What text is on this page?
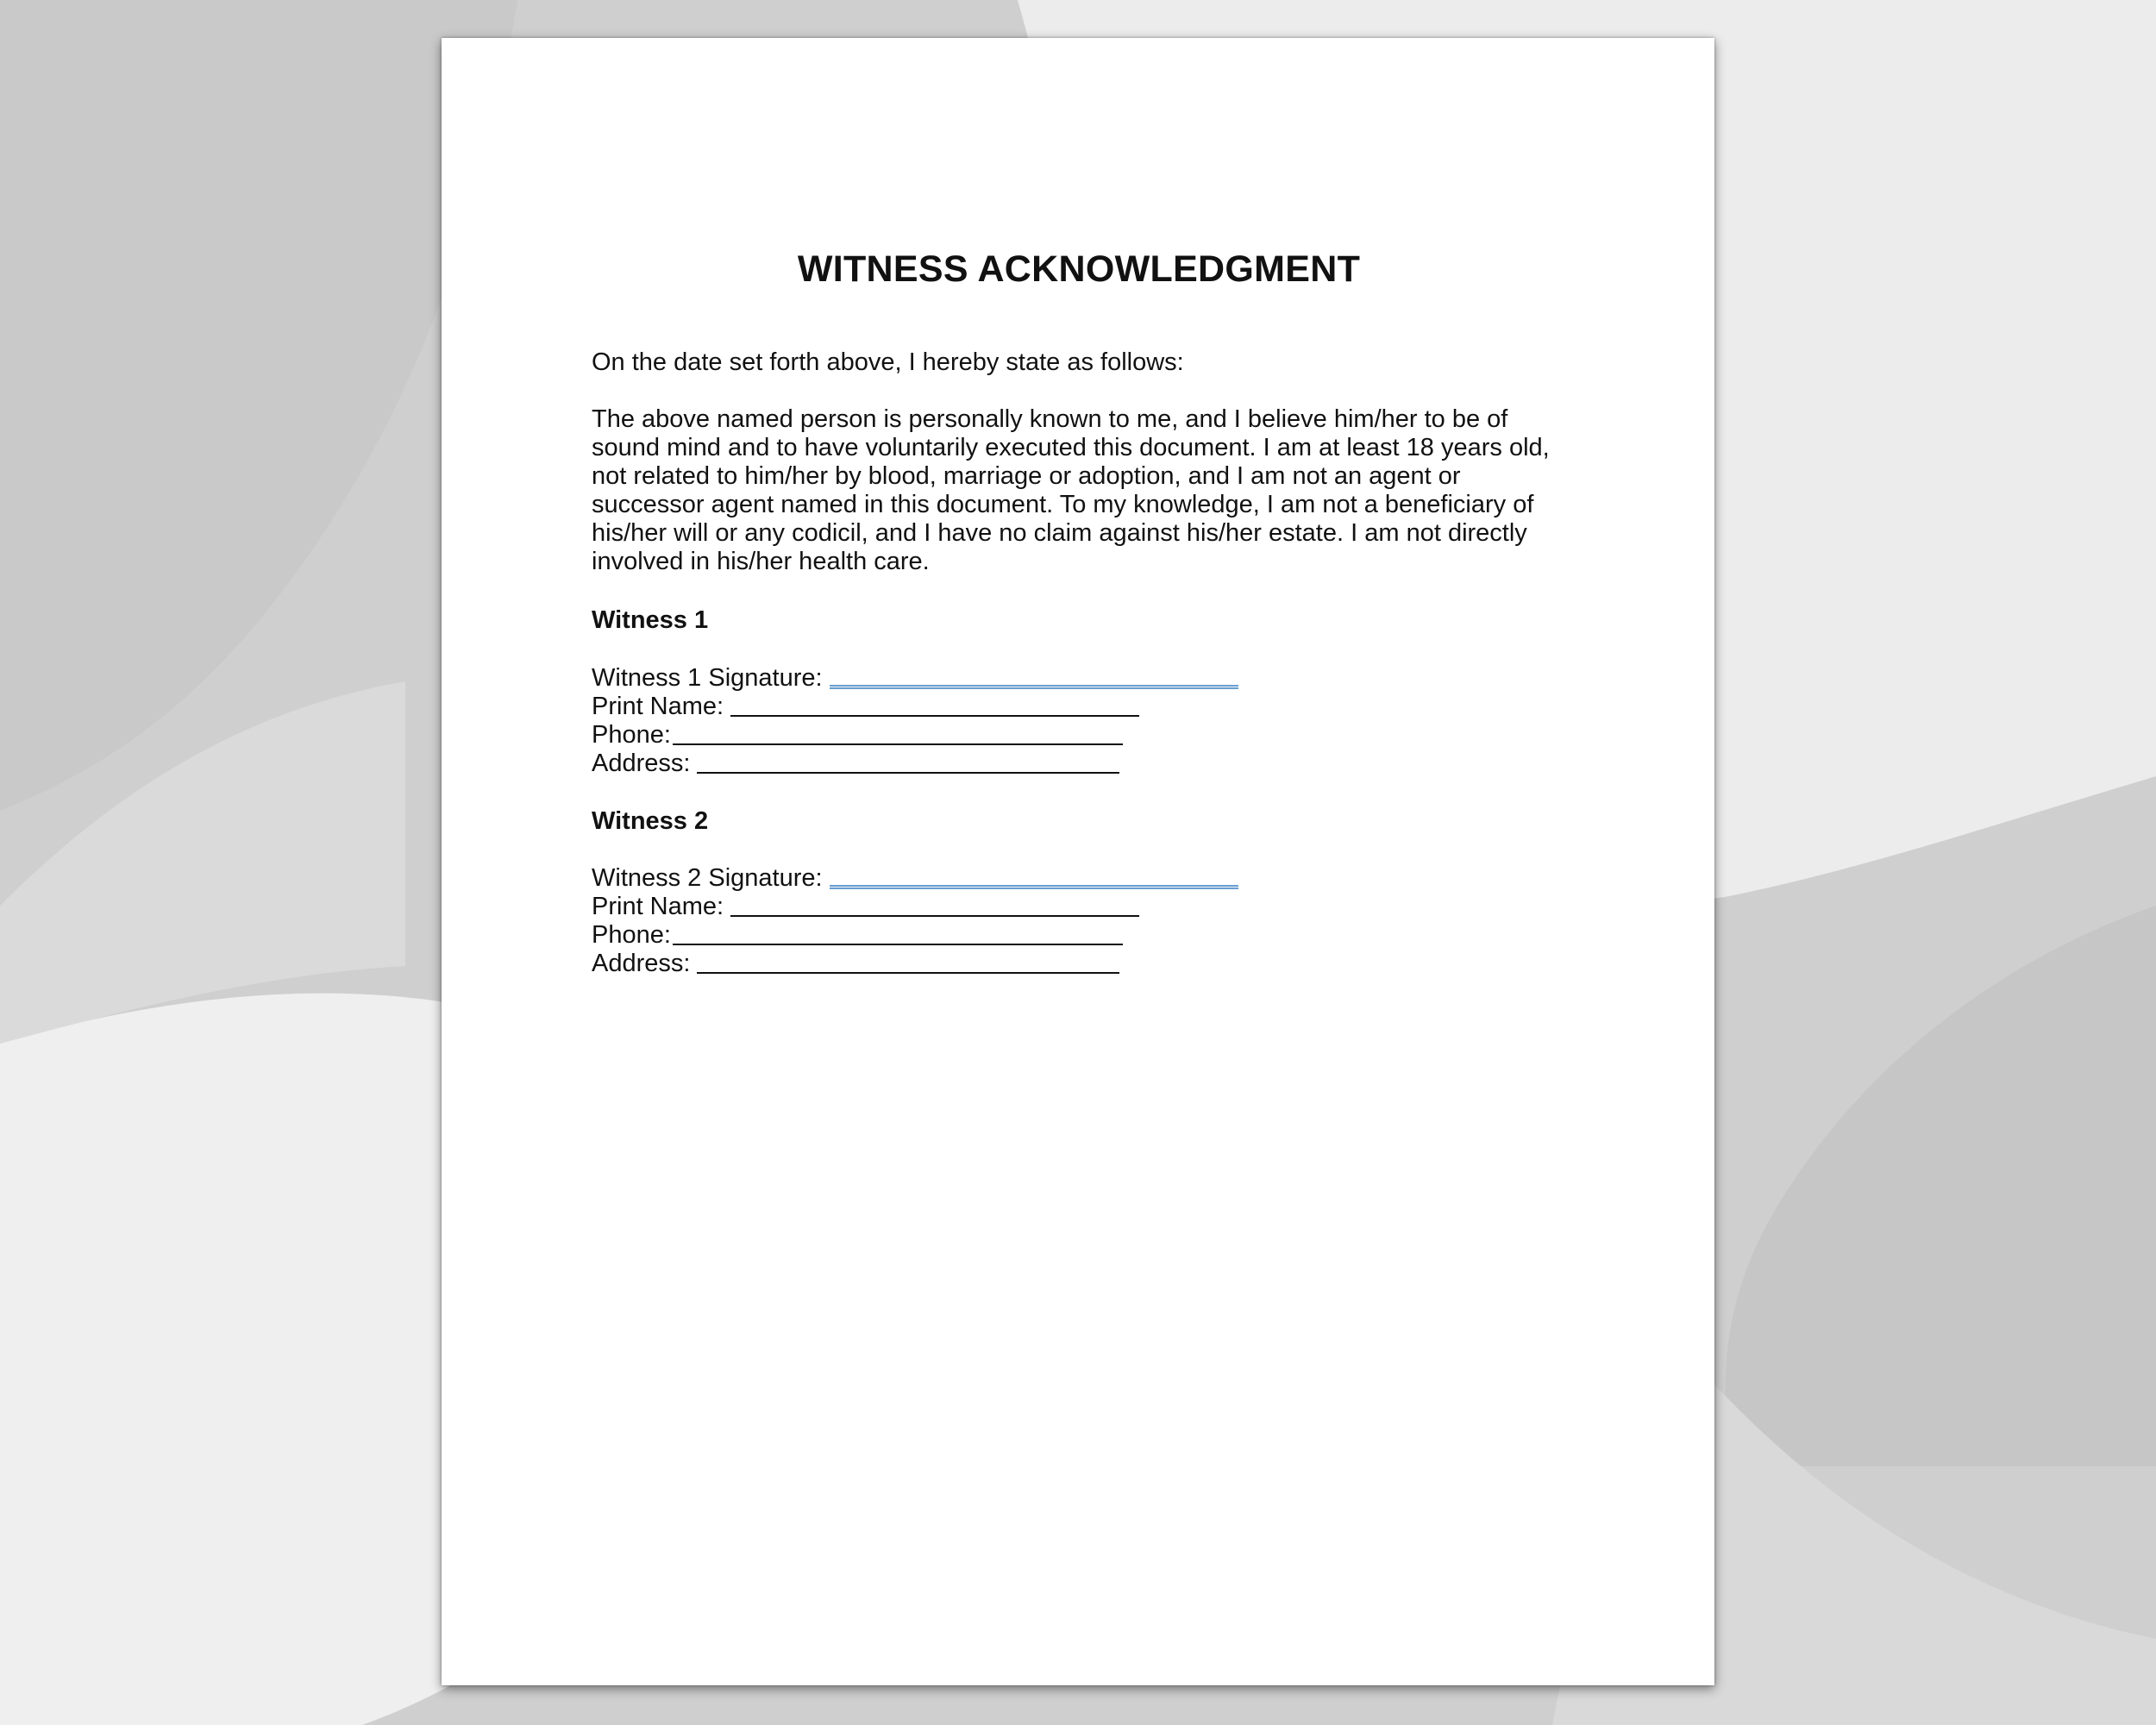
WITNESS ACKNOWLEDGMENT

On the date set forth above, I hereby state as follows:

The above named person is personally known to me, and I believe him/her to be of
sound mind and to have voluntarily executed this document. I am at least 18 years old,
not related to him/her by blood, marriage or adoption, and I am not an agent or
successor agent named in this document. To my knowledge, I am not a beneficiary of
his/her will or any codicil, and I have no claim against his/her estate. I am not directly
involved in his/her health care.

Witness 1

Witness 1 Signature:
Print Name:
Phone:
Address:

Witness 2

Witness 2 Signature:
Print Name:
Phone:
Address:
